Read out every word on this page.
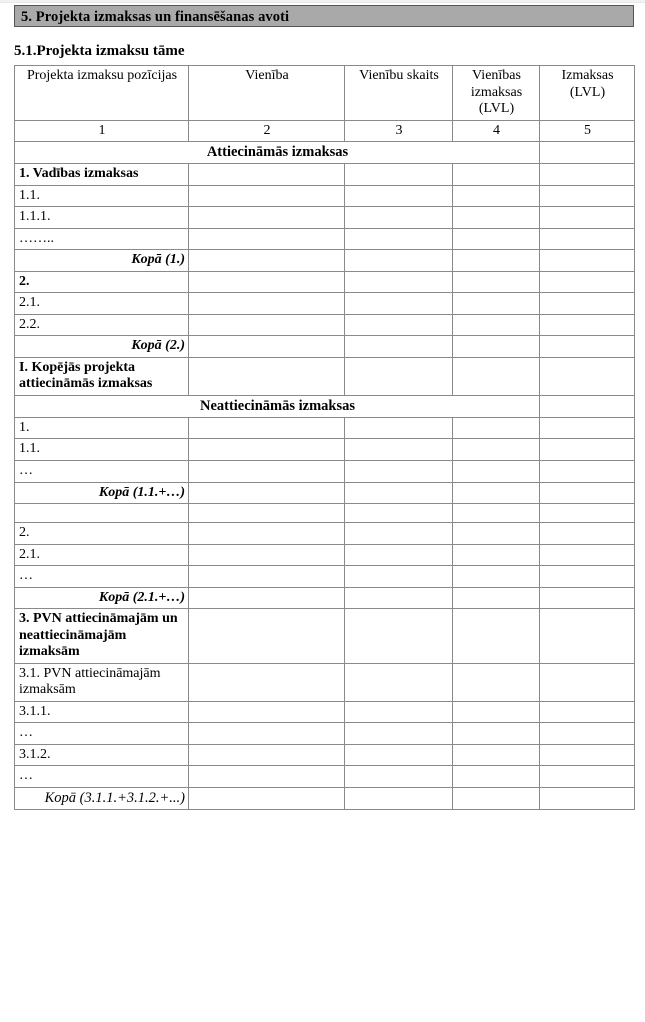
5. Projekta izmaksas un finansēšanas avoti
5.1.Projekta izmaksu tāme
Projekta izmaksu pozīcijas	Vienība	Vienību skaits	Vienības izmaksas (LVL)	Izmaksas (LVL)
1	2	3	4	5
Attiecināmās izmaksas				
1. Vadības izmaksas				
1.1.				
1.1.1.				
……..				
Kopā (1.)				
2.				
2.1.				
2.2.				
Kopā (2.)				
I. Kopējās projekta attiecināmās izmaksas				
Neattiecināmās izmaksas				
1.				
1.1.				
…				
Kopā (1.1.+…)				

2.				
2.1.				
…				
Kopā (2.1.+…)				
3. PVN attiecināmajām un neattiecināmajām izmaksām				
3.1. PVN attiecināmajām izmaksām				
3.1.1.				
…				
3.1.2.				
…				
Kopā (3.1.1.+3.1.2.+...)				
